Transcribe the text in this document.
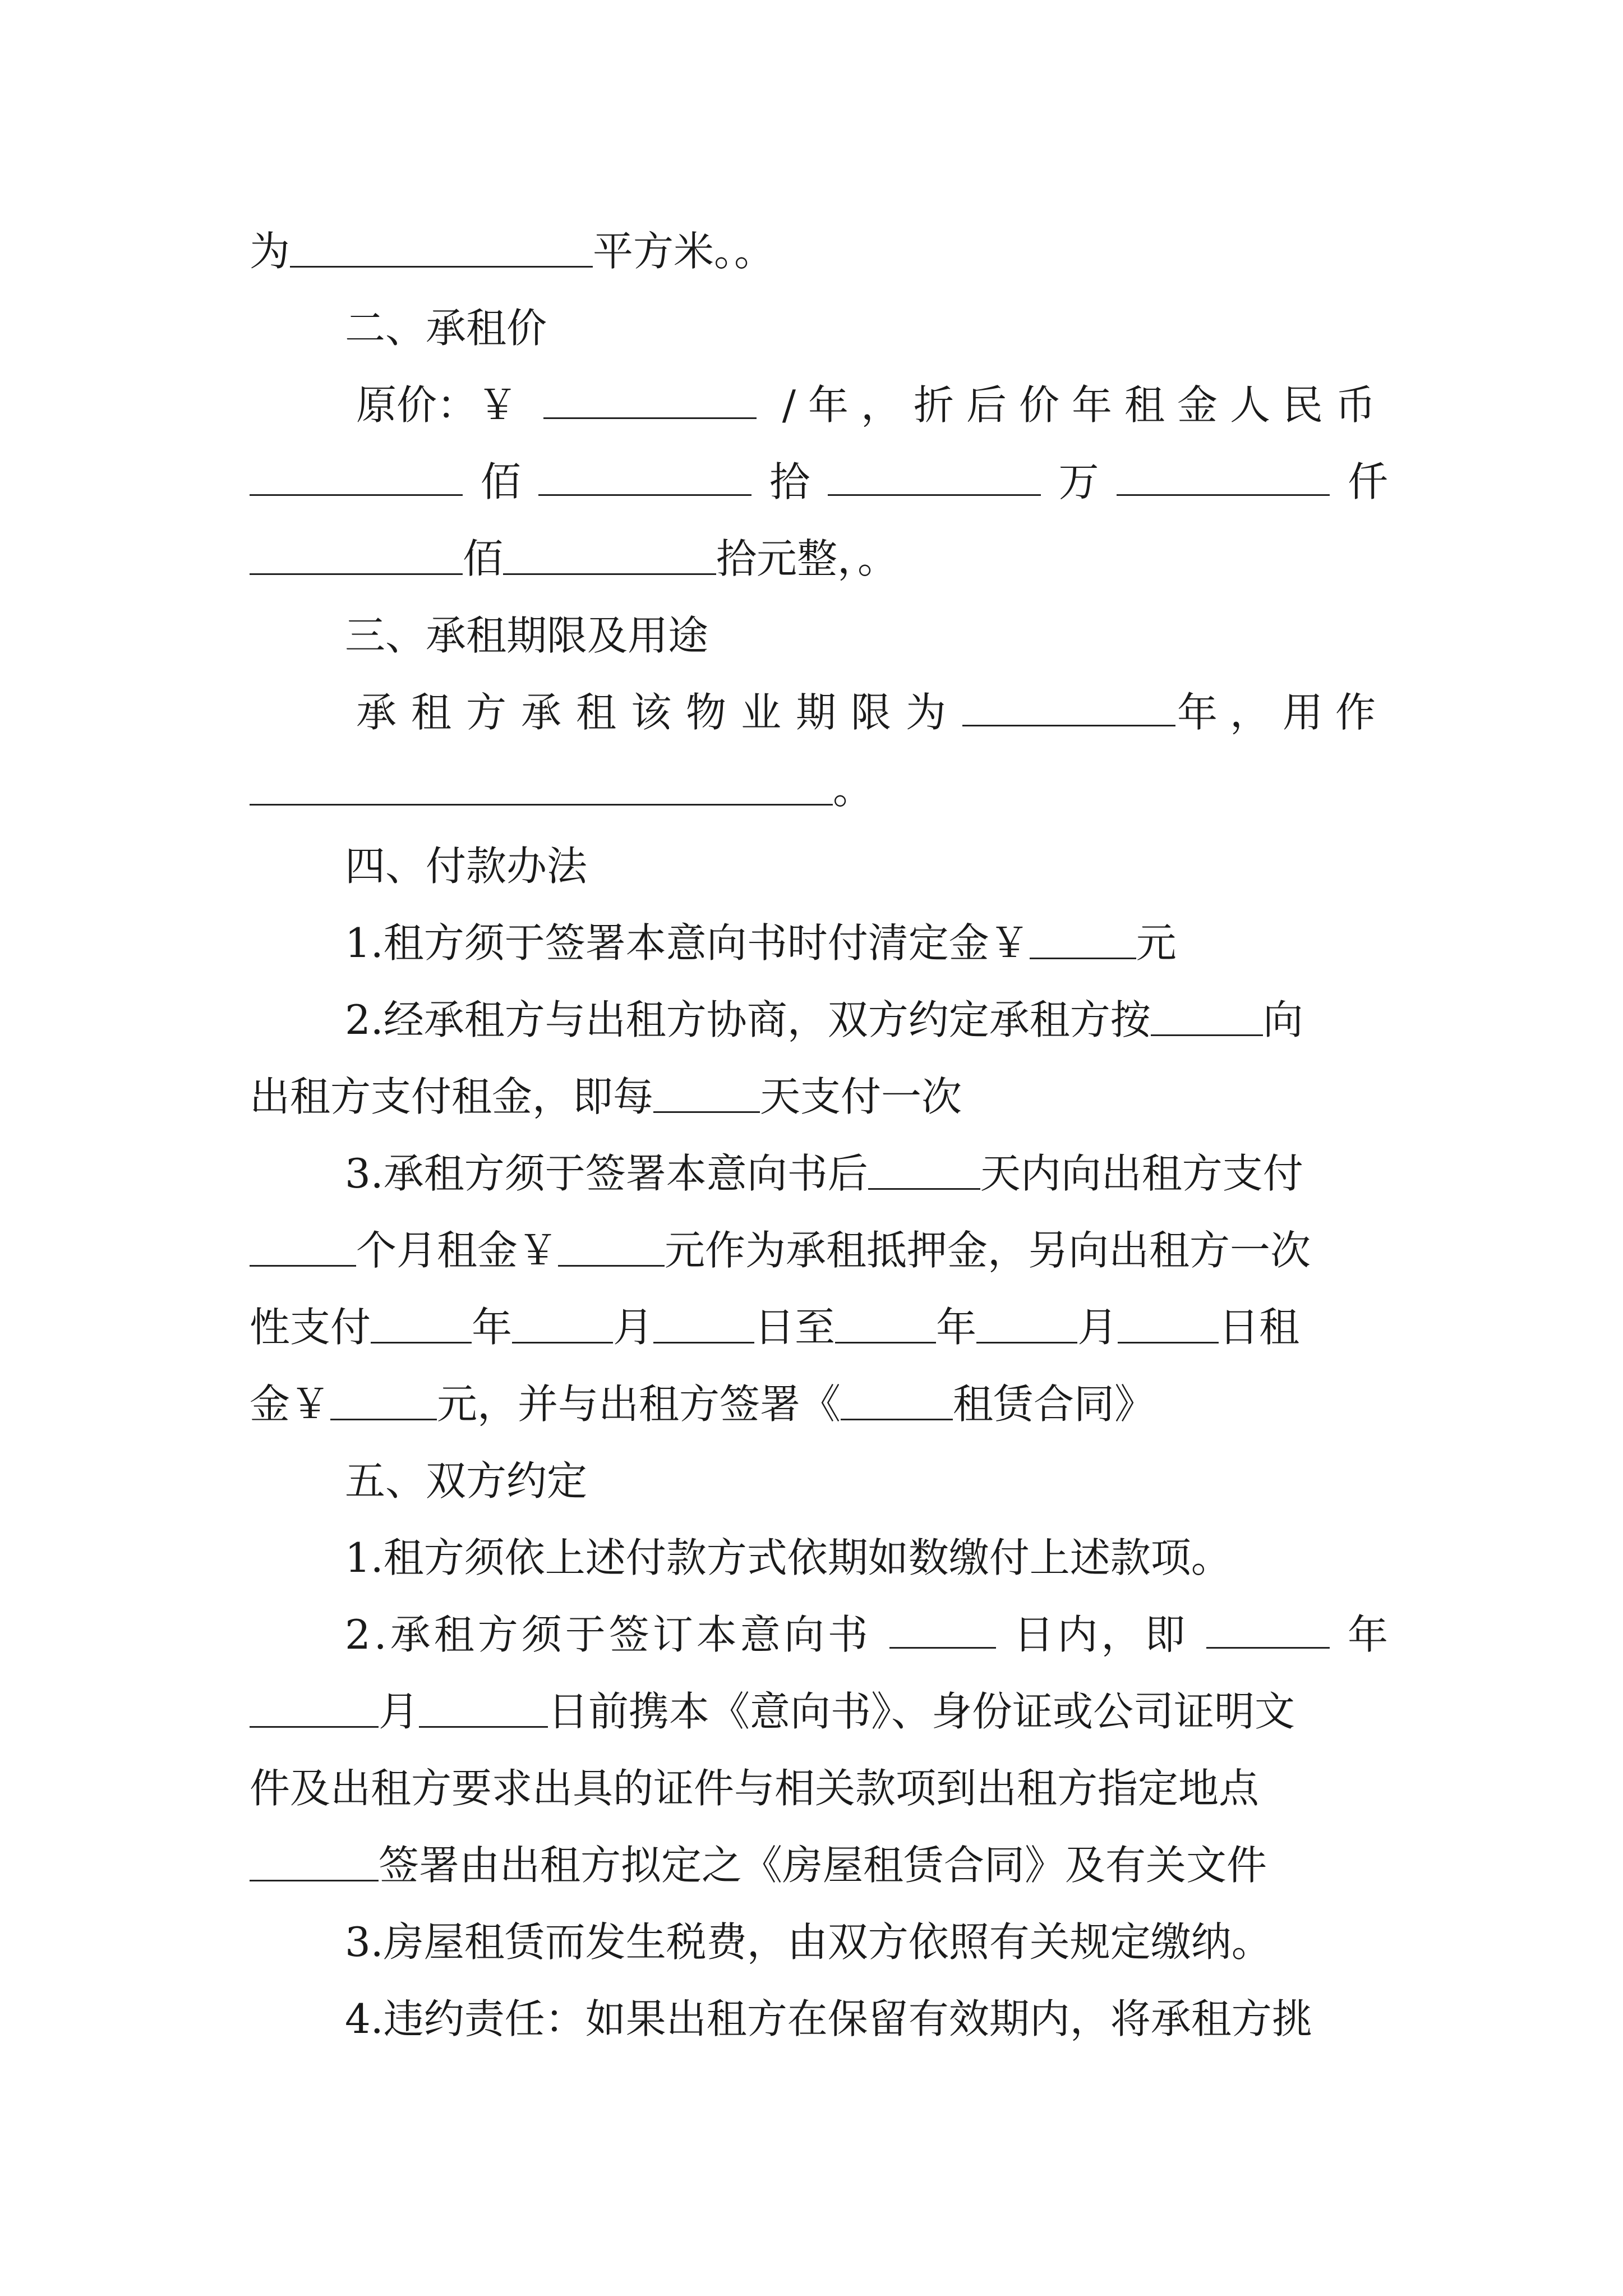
为	平方米。。
二、承租价
原价：￥	/年，折后价年租金人民币
佰	拾	万	仟
佰	拾元整，。
三、承租期限及用途
承租方承租该物业期限为	年，用作
。
四、付款办法
1.租方须于签署本意向书时付清定金￥	元
2.经承租方与出租方协商，双方约定承租方按	向
出租方支付租金，即每	天支付一次
3.承租方须于签署本意向书后	天内向出租方支付
个月租金￥	元作为承租抵押金，另向出租方一次
性支付	年	月	日至	年	月	日租
金￥	元，并与出租方签署《	租赁合同》
五、双方约定
1.租方须依上述付款方式依期如数缴付上述款项。
2.承租方须于签订本意向书	日内，即	年
月	日前携本《意向书》、身份证或公司证明文
件及出租方要求出具的证件与相关款项到出租方指定地点
签署由出租方拟定之《房屋租赁合同》及有关文件
3.房屋租赁而发生税费，由双方依照有关规定缴纳。
4.违约责任：如果出租方在保留有效期内，将承租方挑
